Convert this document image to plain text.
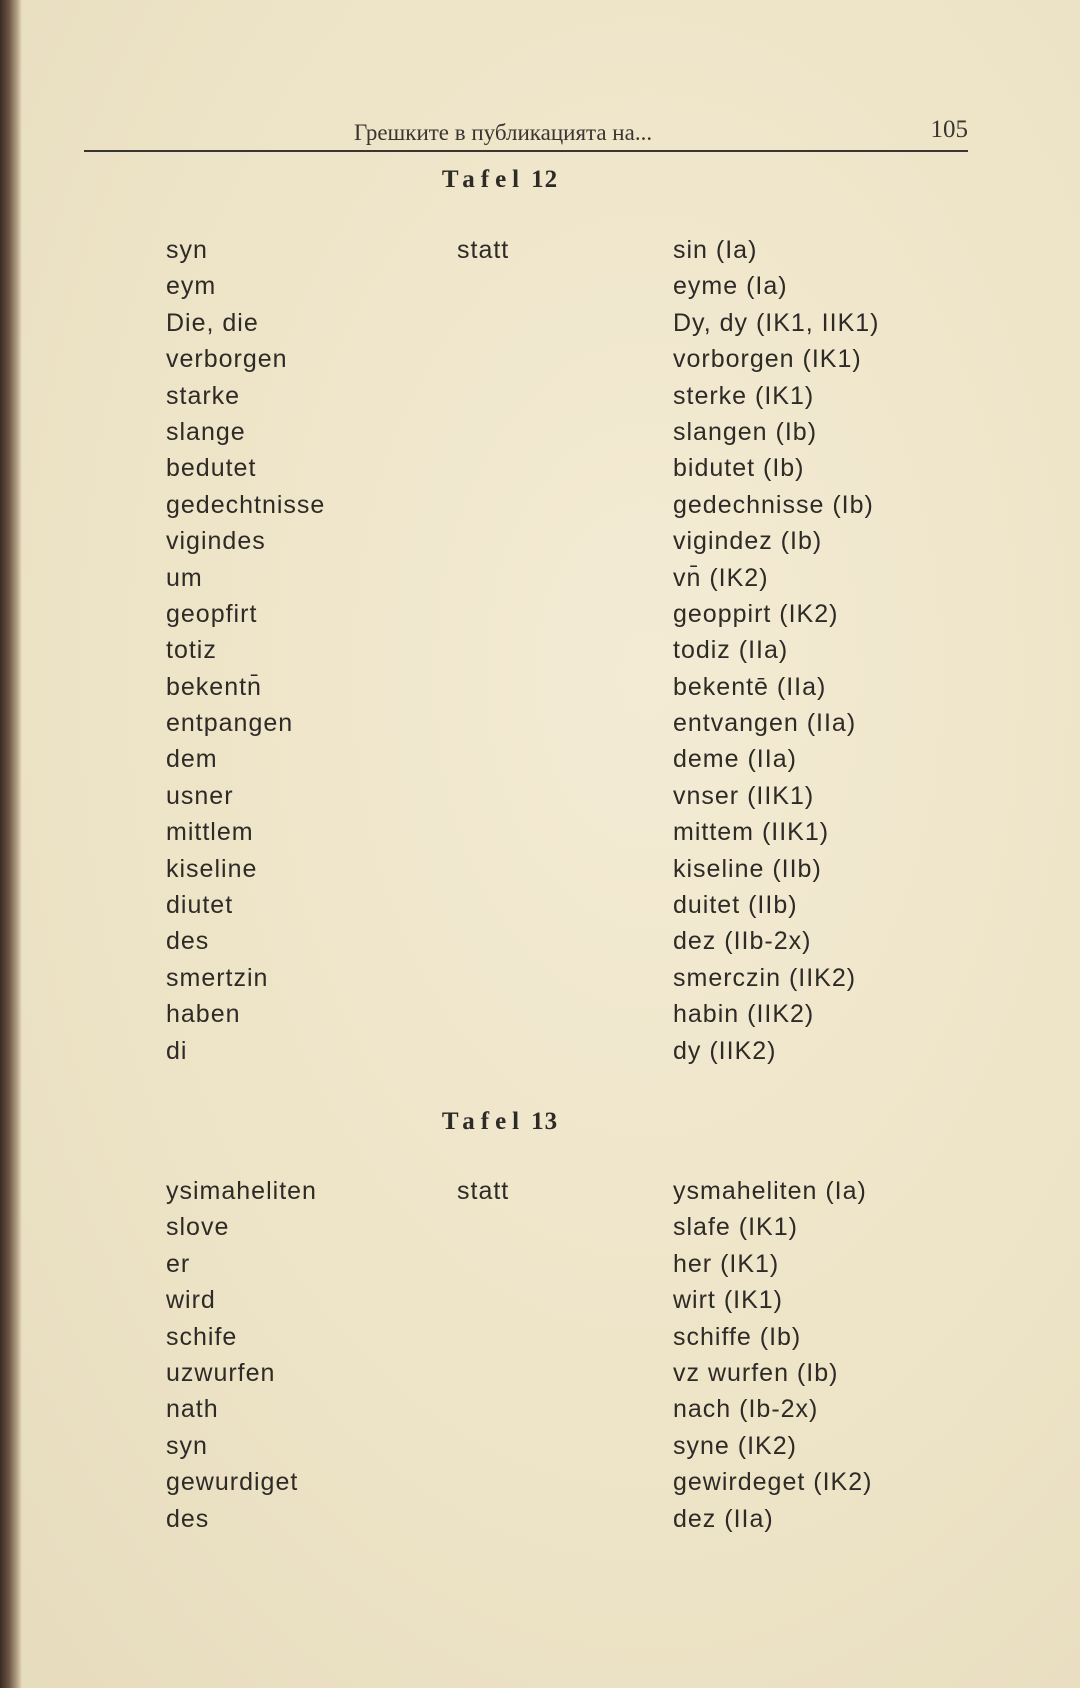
Грешките в публикацията на...	105
Tafel 12
syn	statt	sin (Ia)
eym	eyme (Ia)
Die, die	Dy, dy (IK1, IIK1)
verborgen	vorborgen (IK1)
starke	sterke (IK1)
slange	slangen (Ib)
bedutet	bidutet (Ib)
gedechtnisse	gedechnisse (Ib)
vigindes	vigindez (Ib)
um	vn̄ (IK2)
geopfirt	geoppirt (IK2)
totiz	todiz (IIa)
bekentn̄	bekentē (IIa)
entpangen	entvangen (IIa)
dem	deme (IIa)
usner	vnser (IIK1)
mittlem	mittem (IIK1)
kiseline	kiseline (IIb)
diutet	duitet (IIb)
des	dez (IIb-2x)
smertzin	smerczin (IIK2)
haben	habin (IIK2)
di	dy (IIK2)
Tafel 13
ysimaheliten	statt	ysmaheliten (Ia)
slove	slafe (IK1)
er	her (IK1)
wird	wirt (IK1)
schife	schiffe (Ib)
uzwurfen	vz wurfen (Ib)
nath	nach (Ib-2x)
syn	syne (IK2)
gewurdiget	gewirdeget (IK2)
des	dez (IIa)
